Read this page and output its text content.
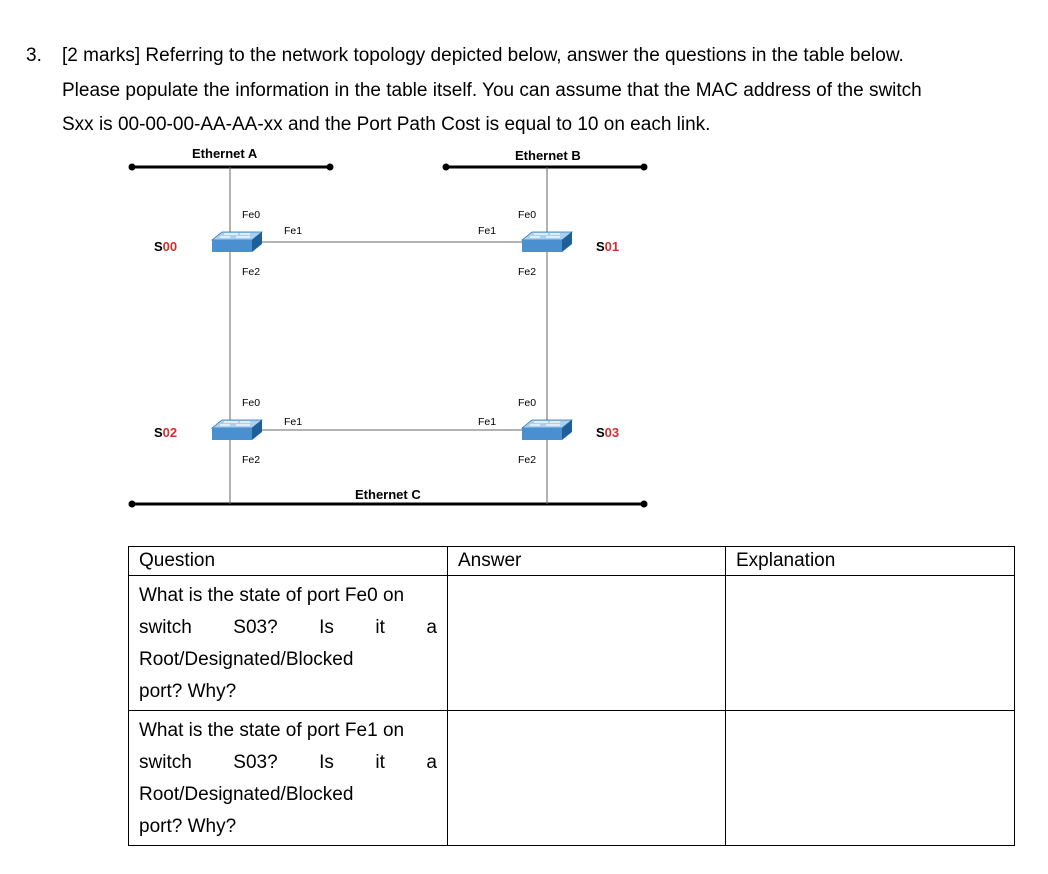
3. [2 marks] Referring to the network topology depicted below, answer the questions in the table below.
Please populate the information in the table itself. You can assume that the MAC address of the switch
Sxx is 00-00-00-AA-AA-xx and the Port Path Cost is equal to 10 on each link.
Ethernet A	Ethernet B
Ethernet C
S00	S01
S02	S03
Fe0
Fe1
Fe2
Fe0
Fe1
Fe2
Fe0
Fe1
Fe2
Fe0
Fe1
Fe2
Question	Answer	Explanation

What is the state of port Fe0 on
switch S03? Is it a
Root/Designated/Blocked
port? Why?		

What is the state of port Fe1 on
switch S03? Is it a
Root/Designated/Blocked
port? Why?		
